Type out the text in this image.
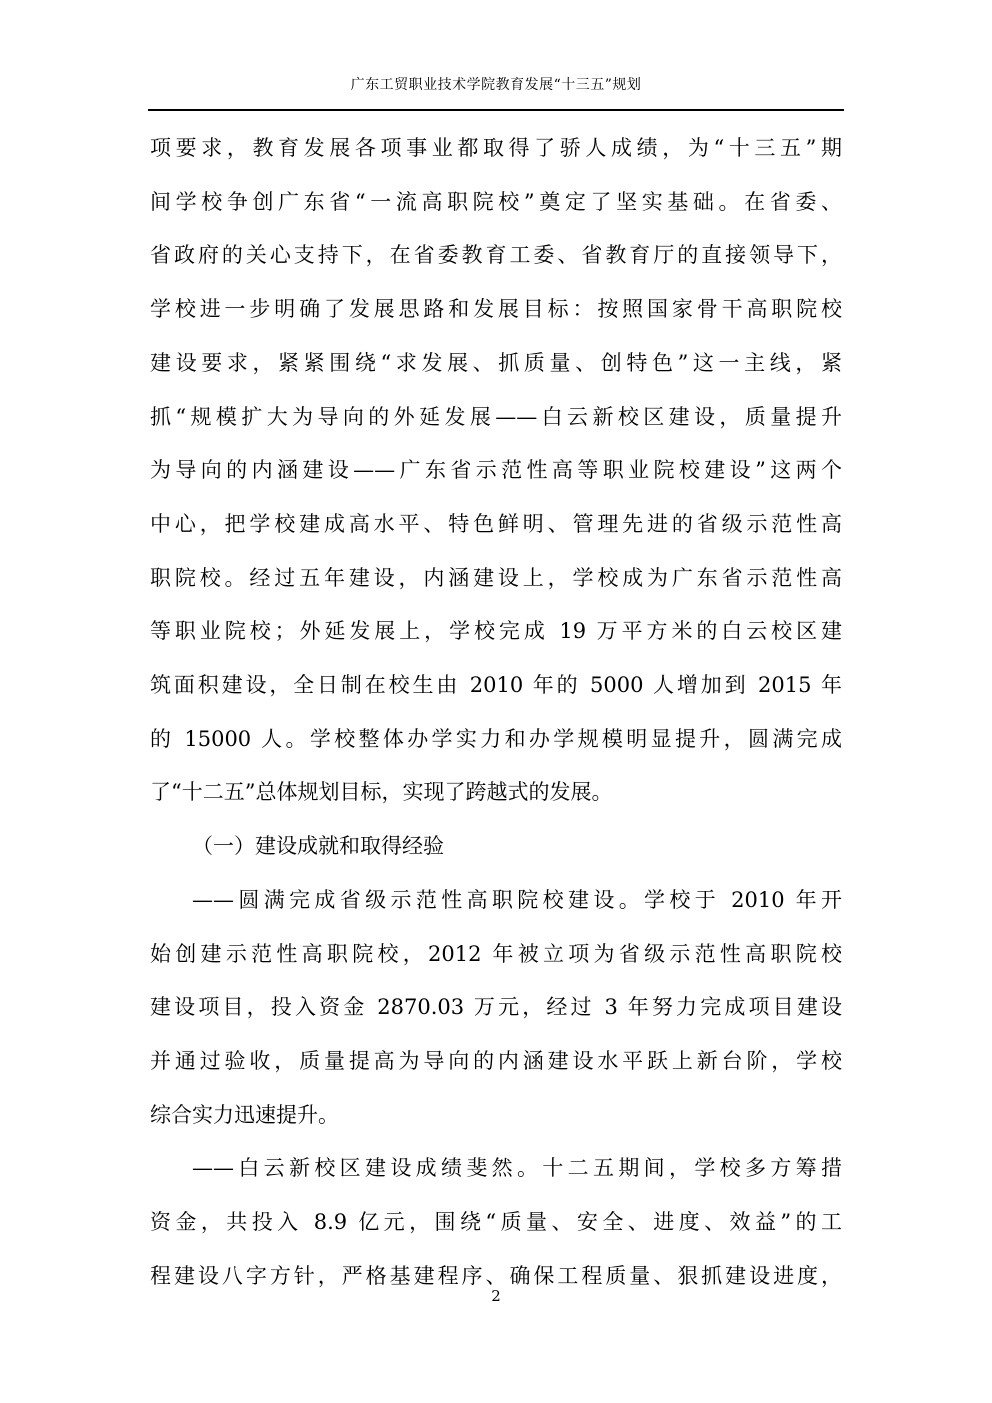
广东工贸职业技术学院教育发展“十三五”规划

项要求，教育发展各项事业都取得了骄人成绩，为“十三五”期
间学校争创广东省“一流高职院校”奠定了坚实基础。在省委、
省政府的关心支持下，在省委教育工委、省教育厅的直接领导下，
学校进一步明确了发展思路和发展目标：按照国家骨干高职院校
建设要求，紧紧围绕“求发展、抓质量、创特色”这一主线，紧
抓“规模扩大为导向的外延发展——白云新校区建设，质量提升
为导向的内涵建设——广东省示范性高等职业院校建设”这两个
中心，把学校建成高水平、特色鲜明、管理先进的省级示范性高
职院校。经过五年建设，内涵建设上，学校成为广东省示范性高
等职业院校；外延发展上，学校完成 19 万平方米的白云校区建
筑面积建设，全日制在校生由 2010 年的 5000 人增加到 2015 年
的 15000 人。学校整体办学实力和办学规模明显提升，圆满完成
了“十二五”总体规划目标，实现了跨越式的发展。

（一）建设成就和取得经验

——圆满完成省级示范性高职院校建设。学校于 2010 年开
始创建示范性高职院校，2012 年被立项为省级示范性高职院校
建设项目，投入资金 2870.03 万元，经过 3 年努力完成项目建设
并通过验收，质量提高为导向的内涵建设水平跃上新台阶，学校
综合实力迅速提升。

——白云新校区建设成绩斐然。十二五期间，学校多方筹措
资金，共投入 8.9 亿元，围绕“质量、安全、进度、效益”的工
程建设八字方针，严格基建程序、确保工程质量、狠抓建设进度，

2
